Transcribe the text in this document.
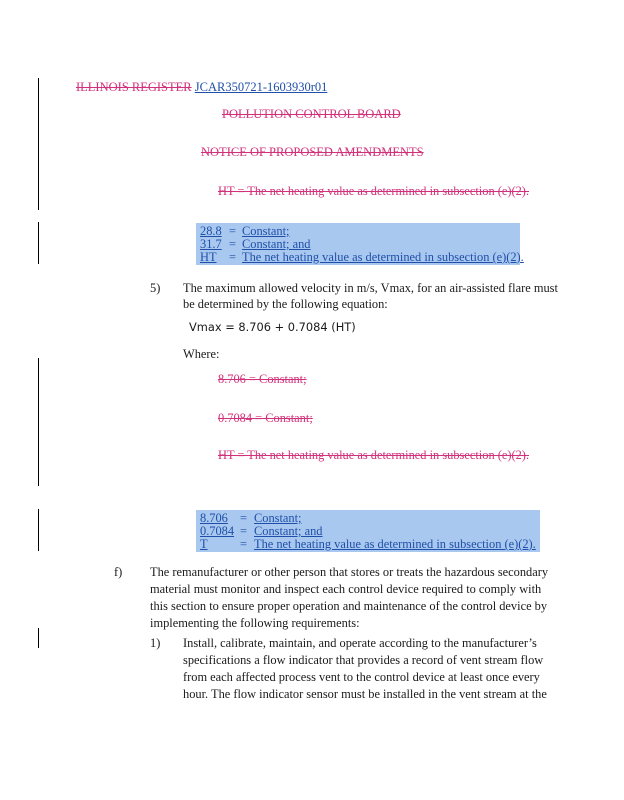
ILLINOIS REGISTER JCAR350721-1603930r01
POLLUTION CONTROL BOARD
NOTICE OF PROPOSED AMENDMENTS
HT = The net heating value as determined in subsection (e)(2).
28.8 = Constant;
31.7 = Constant; and
HT = The net heating value as determined in subsection (e)(2).
5) The maximum allowed velocity in m/s, Vmax, for an air-assisted flare must
be determined by the following equation:
Vmax = 8.706 + 0.7084 (HT)
Where:
8.706 = Constant;
0.7084 = Constant;
HT = The net heating value as determined in subsection (e)(2).
8.706 = Constant;
0.7084 = Constant; and
T	= The net heating value as determined in subsection (e)(2).
f) The remanufacturer or other person that stores or treats the hazardous secondary
material must monitor and inspect each control device required to comply with
this section to ensure proper operation and maintenance of the control device by
implementing the following requirements:
1) Install, calibrate, maintain, and operate according to the manufacturer’s
specifications a flow indicator that provides a record of vent stream flow
from each affected process vent to the control device at least once every
hour. The flow indicator sensor must be installed in the vent stream at the
